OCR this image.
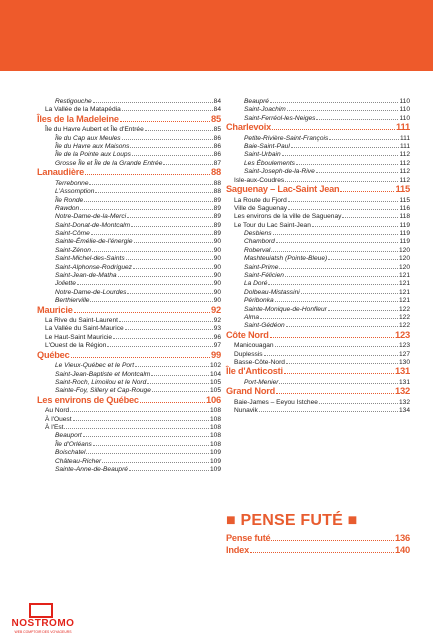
Restigouche	84
La Vallée de la Matapédia	84
Îles de la Madeleine	85
Île du Havre Aubert et Île d'Entrée	85
Île du Cap aux Meules	86
Île du Havre aux Maisons	86
Île de la Pointe aux Loups	86
Grosse Île et Île de la Grande Entrée	87
Lanaudière	88
Terrebonne	88
L'Assomption	88
Île Ronde	89
Rawdon	89
Notre-Dame-de-la-Merci	89
Saint-Donat-de-Montcalm	89
Saint-Côme	89
Sainte-Émélie-de-l'énergie	90
Saint-Zénon	90
Saint-Michel-des-Saints	90
Saint-Alphonse-Rodriguez	90
Saint-Jean-de-Matha	90
Joliette	90
Notre-Dame-de-Lourdes	90
Berthierville	90
Mauricie	92
La Rive du Saint-Laurent	92
La Vallée du Saint-Maurice	93
Le Haut-Saint Mauricie	96
L'Ouest de la Région	97
Québec	99
Le Vieux-Québec et le Port	102
Saint-Jean-Baptiste et Montcalm	104
Saint-Roch, Limoilou et le Nord	105
Sainte-Foy, Sillery et Cap-Rouge	105
Les environs de Québec	106
Au Nord	108
À l'Ouest	108
À l'Est	108
Beauport	108
Île d'Orléans	108
Boischatel	109
Château-Richer	109
Sainte-Anne-de-Beaupré	109
Beaupré	110
Saint-Joachim	110
Saint-Ferréol-les-Neiges	110
Charlevoix	111
Petite-Rivière-Saint-François	111
Baie-Saint-Paul	111
Saint-Urbain	112
Les Éboulements	112
Saint-Joseph-de-la-Rive	112
Isle-aux-Coudres	112
Saguenay – Lac-Saint Jean	115
La Route du Fjord	115
Ville de Saguenay	116
Les environs de la ville de Saguenay	118
Le Tour du Lac Saint-Jean	119
Desbiens	119
Chambord	119
Roberval	120
Mashteuiatsh (Pointe-Bleue)	120
Saint-Prime	120
Saint-Félicien	121
La Doré	121
Dolbeau-Mistassini	121
Péribonka	121
Sainte-Monique-de-Honfleur	122
Alma	122
Saint-Gédéon	122
Côte Nord	123
Manicouagan	123
Duplessis	127
Basse-Côte-Nord	130
Île d'Anticosti	131
Port-Menier	131
Grand Nord	132
Baie-James – Eeyou Istchee	132
Nunavik	134
■ PENSE FUTÉ ■
Pense futé	136
Index	140
NOSTROMO
WEB COMPTOIR DES VOYAGEURS
